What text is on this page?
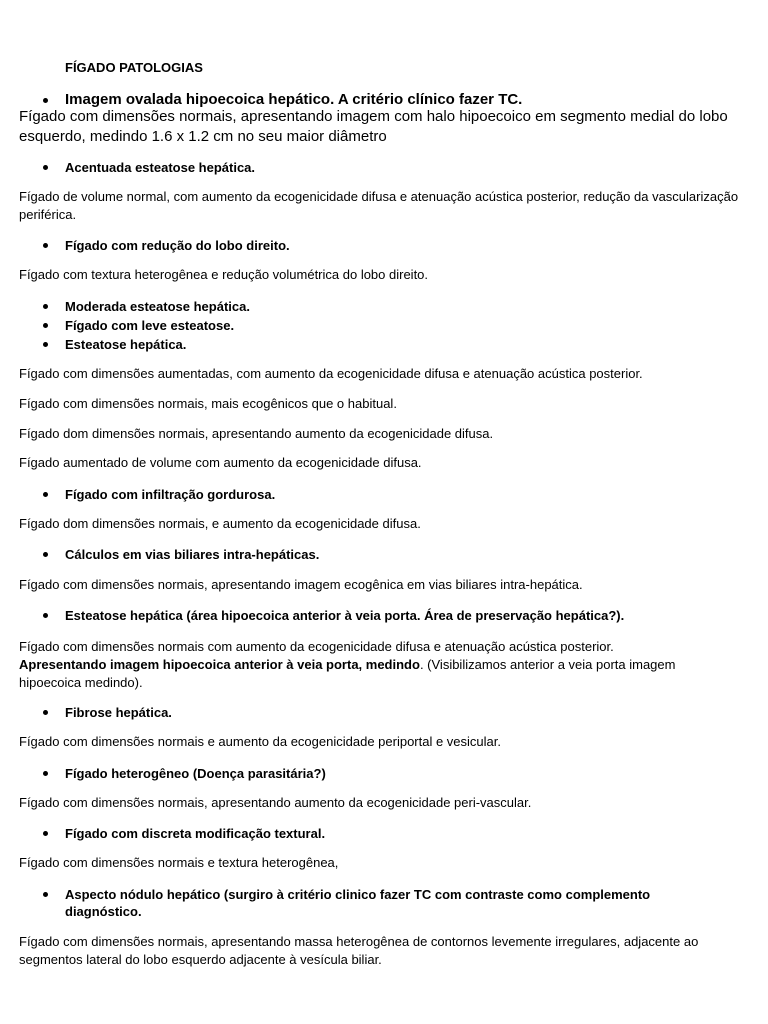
FÍGADO PATOLOGIAS
Imagem ovalada hipoecoica hepático. A critério clínico fazer TC.
Fígado com dimensões normais, apresentando imagem com halo hipoecoico em segmento medial do lobo esquerdo, medindo 1.6 x 1.2 cm no seu maior diâmetro
Acentuada esteatose hepática.
Fígado de volume normal, com aumento da ecogenicidade difusa e atenuação acústica posterior, redução da vascularização periférica.
Fígado com redução do lobo direito.
Fígado com textura heterogênea e redução volumétrica do lobo direito.
Moderada esteatose hepática.
Fígado com leve esteatose.
Esteatose hepática.
Fígado com dimensões aumentadas, com aumento da ecogenicidade difusa e atenuação acústica posterior.
Fígado com dimensões normais, mais ecogênicos que o habitual.
Fígado dom dimensões normais, apresentando aumento da ecogenicidade difusa.
Fígado aumentado de volume com aumento da ecogenicidade difusa.
Fígado com infiltração gordurosa.
Fígado dom dimensões normais, e aumento da ecogenicidade difusa.
Cálculos em vias biliares intra-hepáticas.
Fígado com dimensões normais, apresentando imagem ecogênica em vias biliares intra-hepática.
Esteatose hepática (área hipoecoica anterior à veia porta. Área de preservação hepática?).
Fígado com dimensões normais com aumento da ecogenicidade difusa e atenuação acústica posterior.
Apresentando imagem hipoecoica anterior à veia porta, medindo. (Visibilizamos anterior a veia porta imagem hipoecoica medindo).
Fibrose hepática.
Fígado com dimensões normais e aumento da ecogenicidade periportal e vesicular.
Fígado heterogêneo (Doença parasitária?)
Fígado com dimensões normais, apresentando aumento da ecogenicidade peri-vascular.
Fígado com discreta modificação textural.
Fígado com dimensões normais e textura heterogênea,
Aspecto nódulo hepático (surgiro à critério clinico fazer TC com contraste como complemento diagnóstico.
Fígado com dimensões normais, apresentando massa heterogênea de contornos levemente irregulares, adjacente ao segmentos lateral do lobo esquerdo adjacente à vesícula biliar.
